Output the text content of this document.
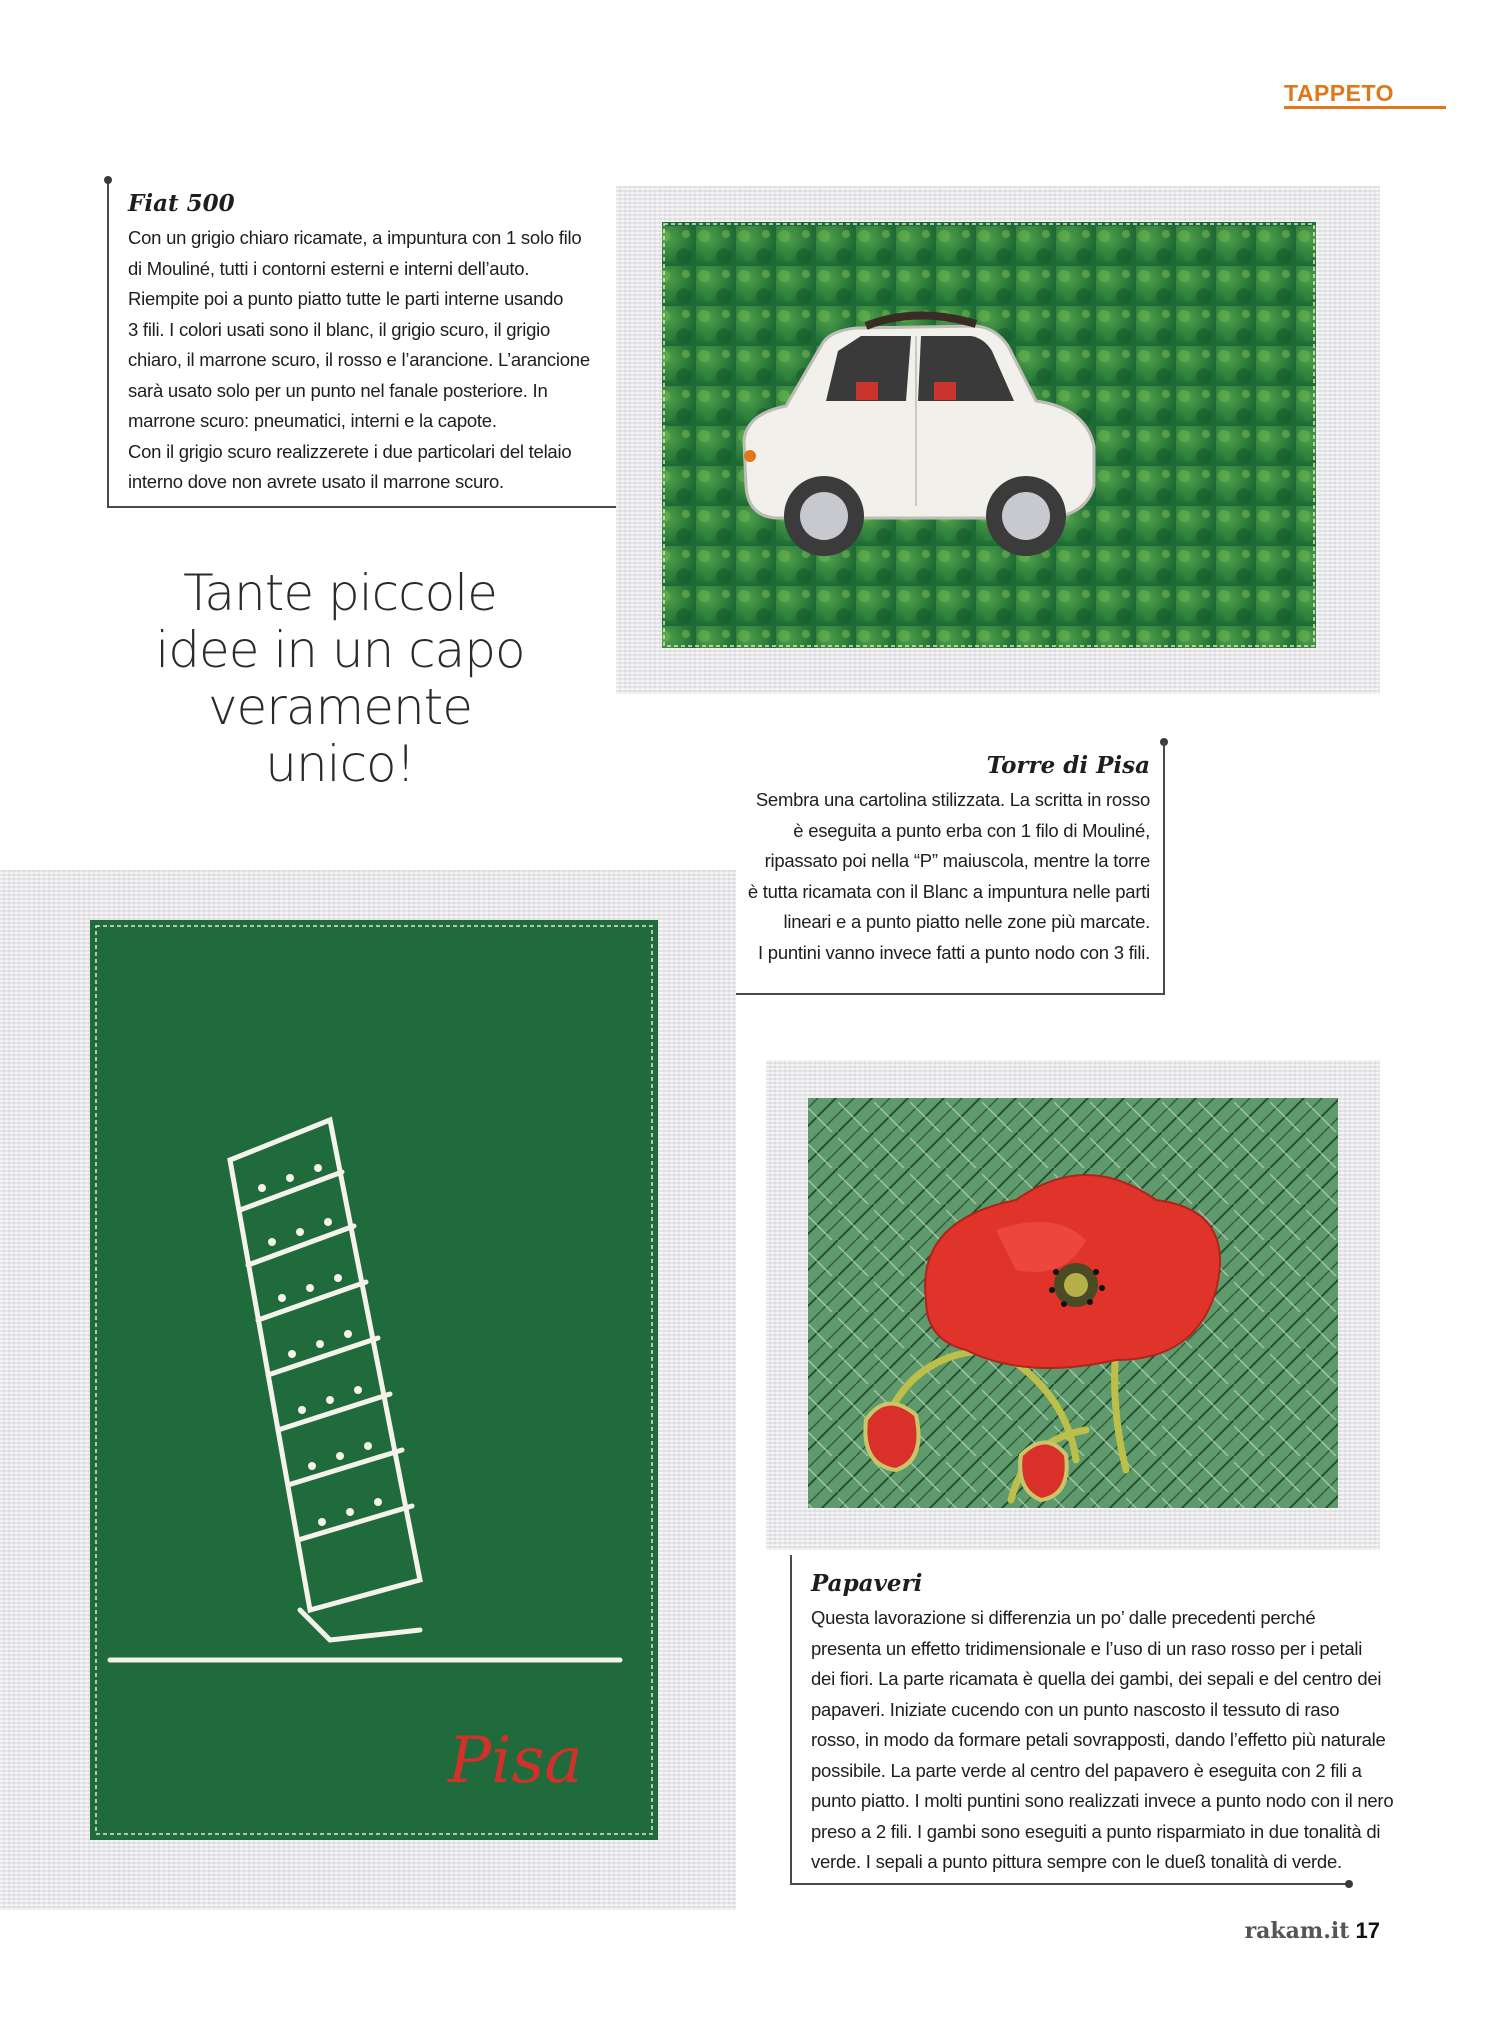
TAPPETO
Fiat 500
Con un grigio chiaro ricamate, a impuntura con 1 solo filo
di Mouliné, tutti i contorni esterni e interni dell’auto.
Riempite poi a punto piatto tutte le parti interne usando
3 fili. I colori usati sono il blanc, il grigio scuro, il grigio
chiaro, il marrone scuro, il rosso e l’arancione. L’arancione
sarà usato solo per un punto nel fanale posteriore. In
marrone scuro: pneumatici, interni e la capote.
Con il grigio scuro realizzerete i due particolari del telaio
interno dove non avrete usato il marrone scuro.
Tante piccole
idee in un capo
veramente
unico!	Torre di Pisa
Sembra una cartolina stilizzata. La scritta in rosso
è eseguita a punto erba con 1 filo di Mouliné,
ripassato poi nella “P” maiuscola, mentre la torre
è tutta ricamata con il Blanc a impuntura nelle parti
lineari e a punto piatto nelle zone più marcate.
I puntini vanno invece fatti a punto nodo con 3 fili.
Pisa
Papaveri
Questa lavorazione si differenzia un po’ dalle precedenti perché
presenta un effetto tridimensionale e l’uso di un raso rosso per i petali
dei fiori. La parte ricamata è quella dei gambi, dei sepali e del centro dei
papaveri. Iniziate cucendo con un punto nascosto il tessuto di raso
rosso, in modo da formare petali sovrapposti, dando l’effetto più naturale
possibile. La parte verde al centro del papavero è eseguita con 2 fili a
punto piatto. I molti puntini sono realizzati invece a punto nodo con il nero
preso a 2 fili. I gambi sono eseguiti a punto risparmiato in due tonalità di
verde. I sepali a punto pittura sempre con le dueß tonalità di verde.
rakam.it 17
